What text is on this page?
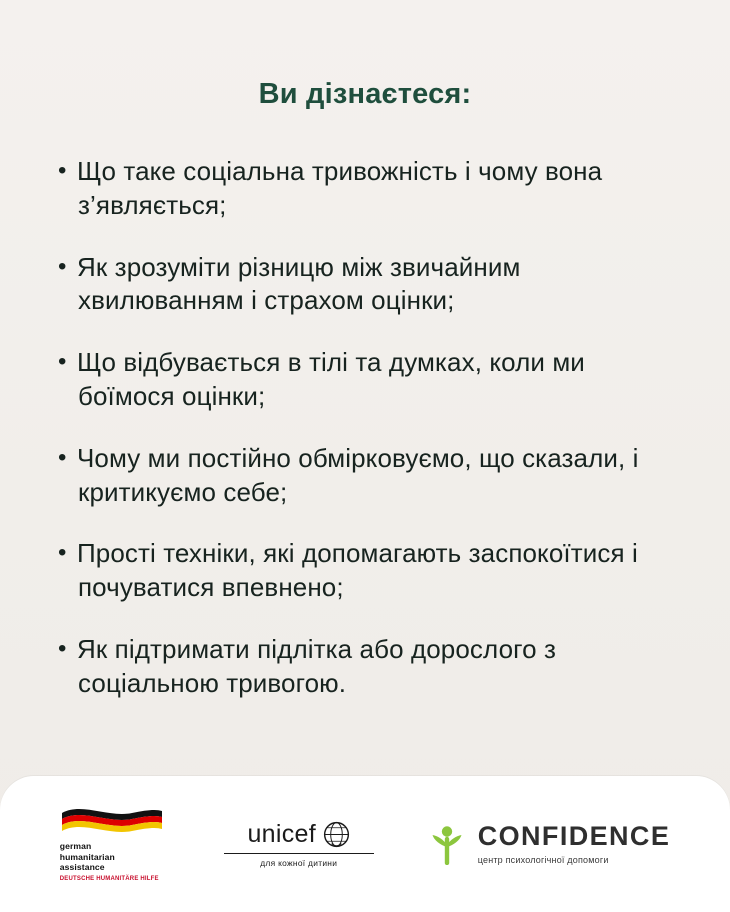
Ви дізнаєтеся:
• Що таке соціальна тривожність і чому вона з’являється;
• Як зрозуміти різницю між звичайним хвилюванням і страхом оцінки;
• Що відбувається в тілі та думках, коли ми боїмося оцінки;
• Чому ми постійно обмірковуємо, що сказали, і критикуємо себе;
• Прості техніки, які допомагають заспокоїтися і почуватися впевнено;
• Як підтримати підлітка або дорослого з соціальною тривогою.
german
humanitarian
assistance
DEUTSCHE HUMANITÄRE HILFE
unicef
для кожної дитини
CONFIDENCE
центр психологічної допомоги
